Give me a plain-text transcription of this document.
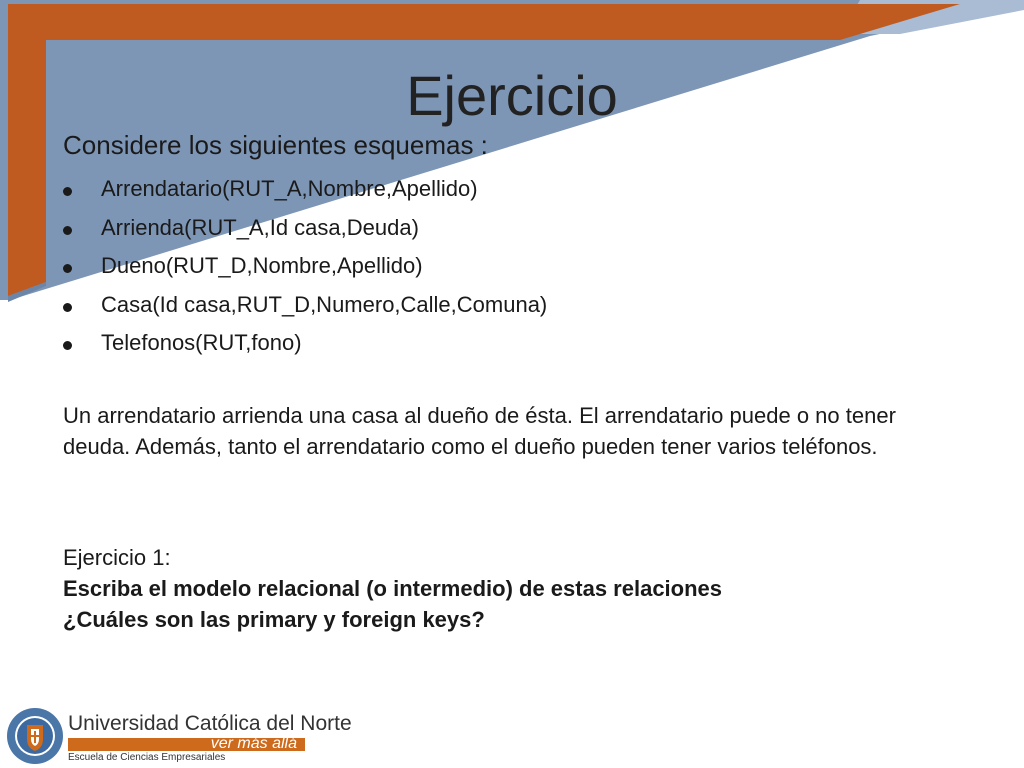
Ejercicio
Considere los siguientes esquemas :
Arrendatario(RUT_A,Nombre,Apellido)
Arrienda(RUT_A,Id casa,Deuda)
Dueno(RUT_D,Nombre,Apellido)
Casa(Id casa,RUT_D,Numero,Calle,Comuna)
Telefonos(RUT,fono)

Un arrendatario arrienda una casa al dueño de ésta. El arrendatario puede o no tener deuda. Además, tanto el arrendatario como el dueño pueden tener varios teléfonos.

Ejercicio 1:
Escriba el modelo relacional (o intermedio) de estas relaciones
¿Cuáles son las primary y foreign keys?
Universidad Católica del Norte
ver más allá
Escuela de Ciencias Empresariales
